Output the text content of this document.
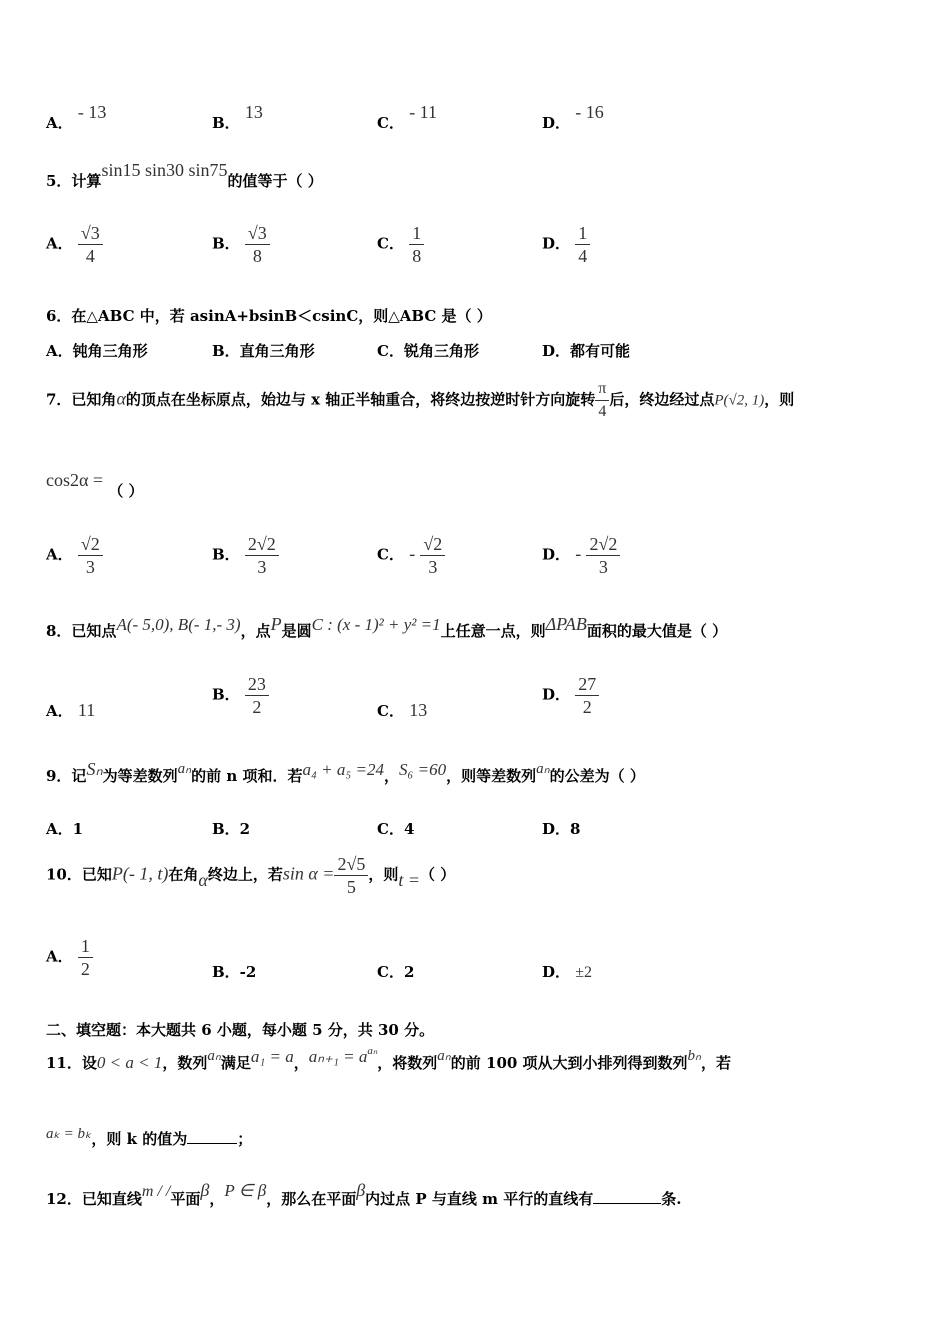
A． - 13
B． 13
C． - 11
D． - 16
5．计算sin15 sin30 sin75的值等于（ ）
A． $\frac{√3}{4}$	B． $\frac{√3}{8}$	C． $\frac{1}{8}$	D． $\frac{1}{4}$
6．在△ABC 中，若 asinA+bsinB＜csinC，则△ABC 是（ ）
A．钝角三角形	B．直角三角形	C．锐角三角形	D．都有可能
7．已知角α的顶点在坐标原点，始边与 x 轴正半轴重合，将终边按逆时针方向旋转 $\frac{\pi}{4}$ 后，终边经过点P(√2, 1)，则
cos2α = （ ）
A． $\frac{√2}{3}$	B． $\frac{2√2}{3}$	C． - $\frac{√2}{3}$	D． - $\frac{2√2}{3}$
8．已知点A(- 5,0), B(- 1,- 3)，点P是圆C : (x - 1)² + y² =1上任意一点，则ΔPAB面积的最大值是（ ）
A． 11
B． $\frac{23}{2}$	C． 13
D． $\frac{27}{2}$
9．记Sₙ为等差数列aₙ的前 n 项和．若a₄ + a₅ =24，S₆ =60，则等差数列aₙ的公差为（ ）
A．1	B．2	C．4	D．8
10．已知P(- 1, t)在角α终边上，若$\sin \alpha = \frac{2√5}{5}$ ，则t =（ ）
A． $\frac{1}{2}$	B．-2	C．2	D． ±2
二、填空题：本大题共 6 小题，每小题 5 分，共 30 分。
11．设0 < a < 1，数列aₙ满足a₁ = a，$a_{n+1} = a^{a_n}$，将数列aₙ的前 100 项从大到小排列得到数列bₙ，若
aₖ = bₖ，则 k 的值为	；
12．已知直线m / /平面β，P ∈ β，那么在平面β内过点 P 与直线 m 平行的直线有	条.
